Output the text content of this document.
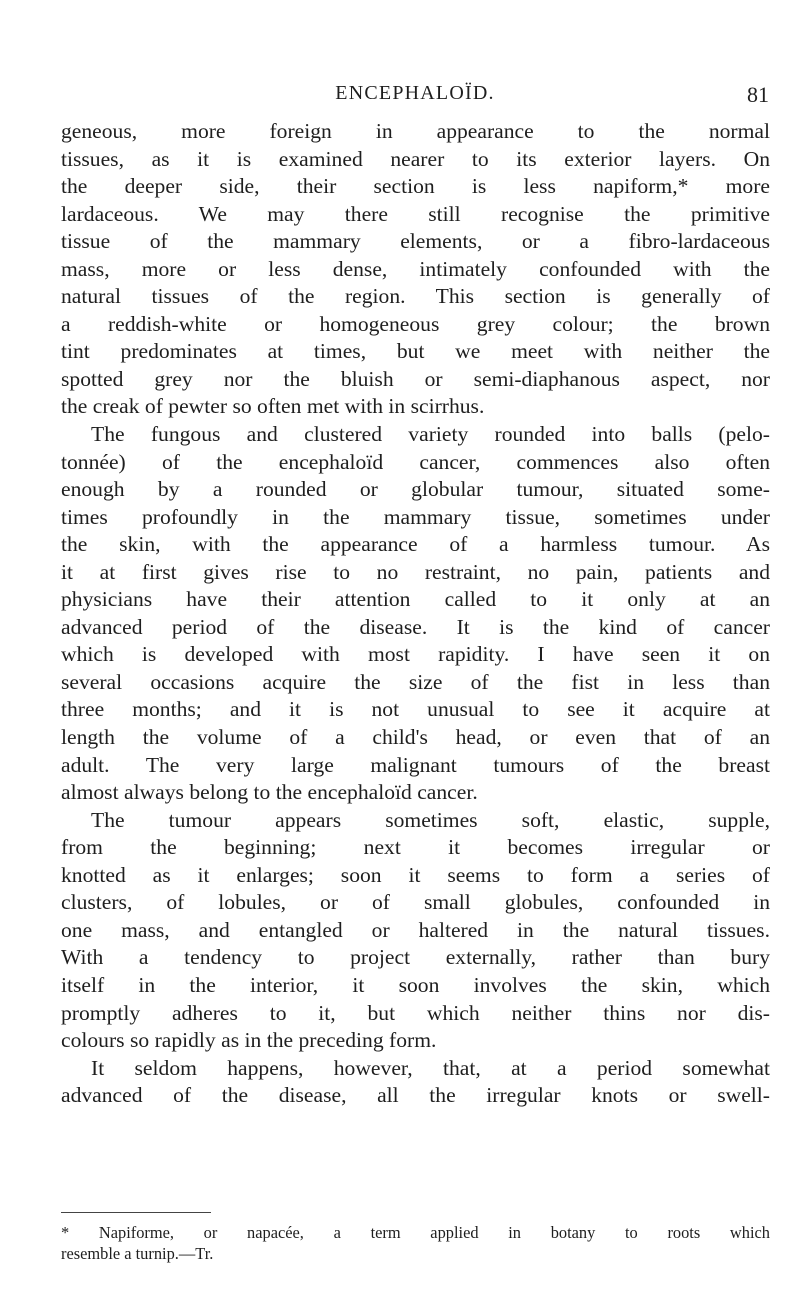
ENCEPHALOÏD.	81
geneous, more foreign in appearance to the normal
tissues, as it is examined nearer to its exterior layers. On
the deeper side, their section is less napiform,* more
lardaceous. We may there still recognise the primitive
tissue of the mammary elements, or a fibro-lardaceous
mass, more or less dense, intimately confounded with the
natural tissues of the region. This section is generally of
a reddish-white or homogeneous grey colour; the brown
tint predominates at times, but we meet with neither the
spotted grey nor the bluish or semi-diaphanous aspect, nor
the creak of pewter so often met with in scirrhus.
The fungous and clustered variety rounded into balls (pelo-
tonnée) of the encephaloïd cancer, commences also often
enough by a rounded or globular tumour, situated some-
times profoundly in the mammary tissue, sometimes under
the skin, with the appearance of a harmless tumour. As
it at first gives rise to no restraint, no pain, patients and
physicians have their attention called to it only at an
advanced period of the disease. It is the kind of cancer
which is developed with most rapidity. I have seen it on
several occasions acquire the size of the fist in less than
three months; and it is not unusual to see it acquire at
length the volume of a child's head, or even that of an
adult. The very large malignant tumours of the breast
almost always belong to the encephaloïd cancer.
The tumour appears sometimes soft, elastic, supple,
from the beginning; next it becomes irregular or
knotted as it enlarges; soon it seems to form a series of
clusters, of lobules, or of small globules, confounded in
one mass, and entangled or haltered in the natural tissues.
With a tendency to project externally, rather than bury
itself in the interior, it soon involves the skin, which
promptly adheres to it, but which neither thins nor dis-
colours so rapidly as in the preceding form.
It seldom happens, however, that, at a period somewhat
advanced of the disease, all the irregular knots or swell-
* Napiforme, or napacée, a term applied in botany to roots which
resemble a turnip.—Tr.
